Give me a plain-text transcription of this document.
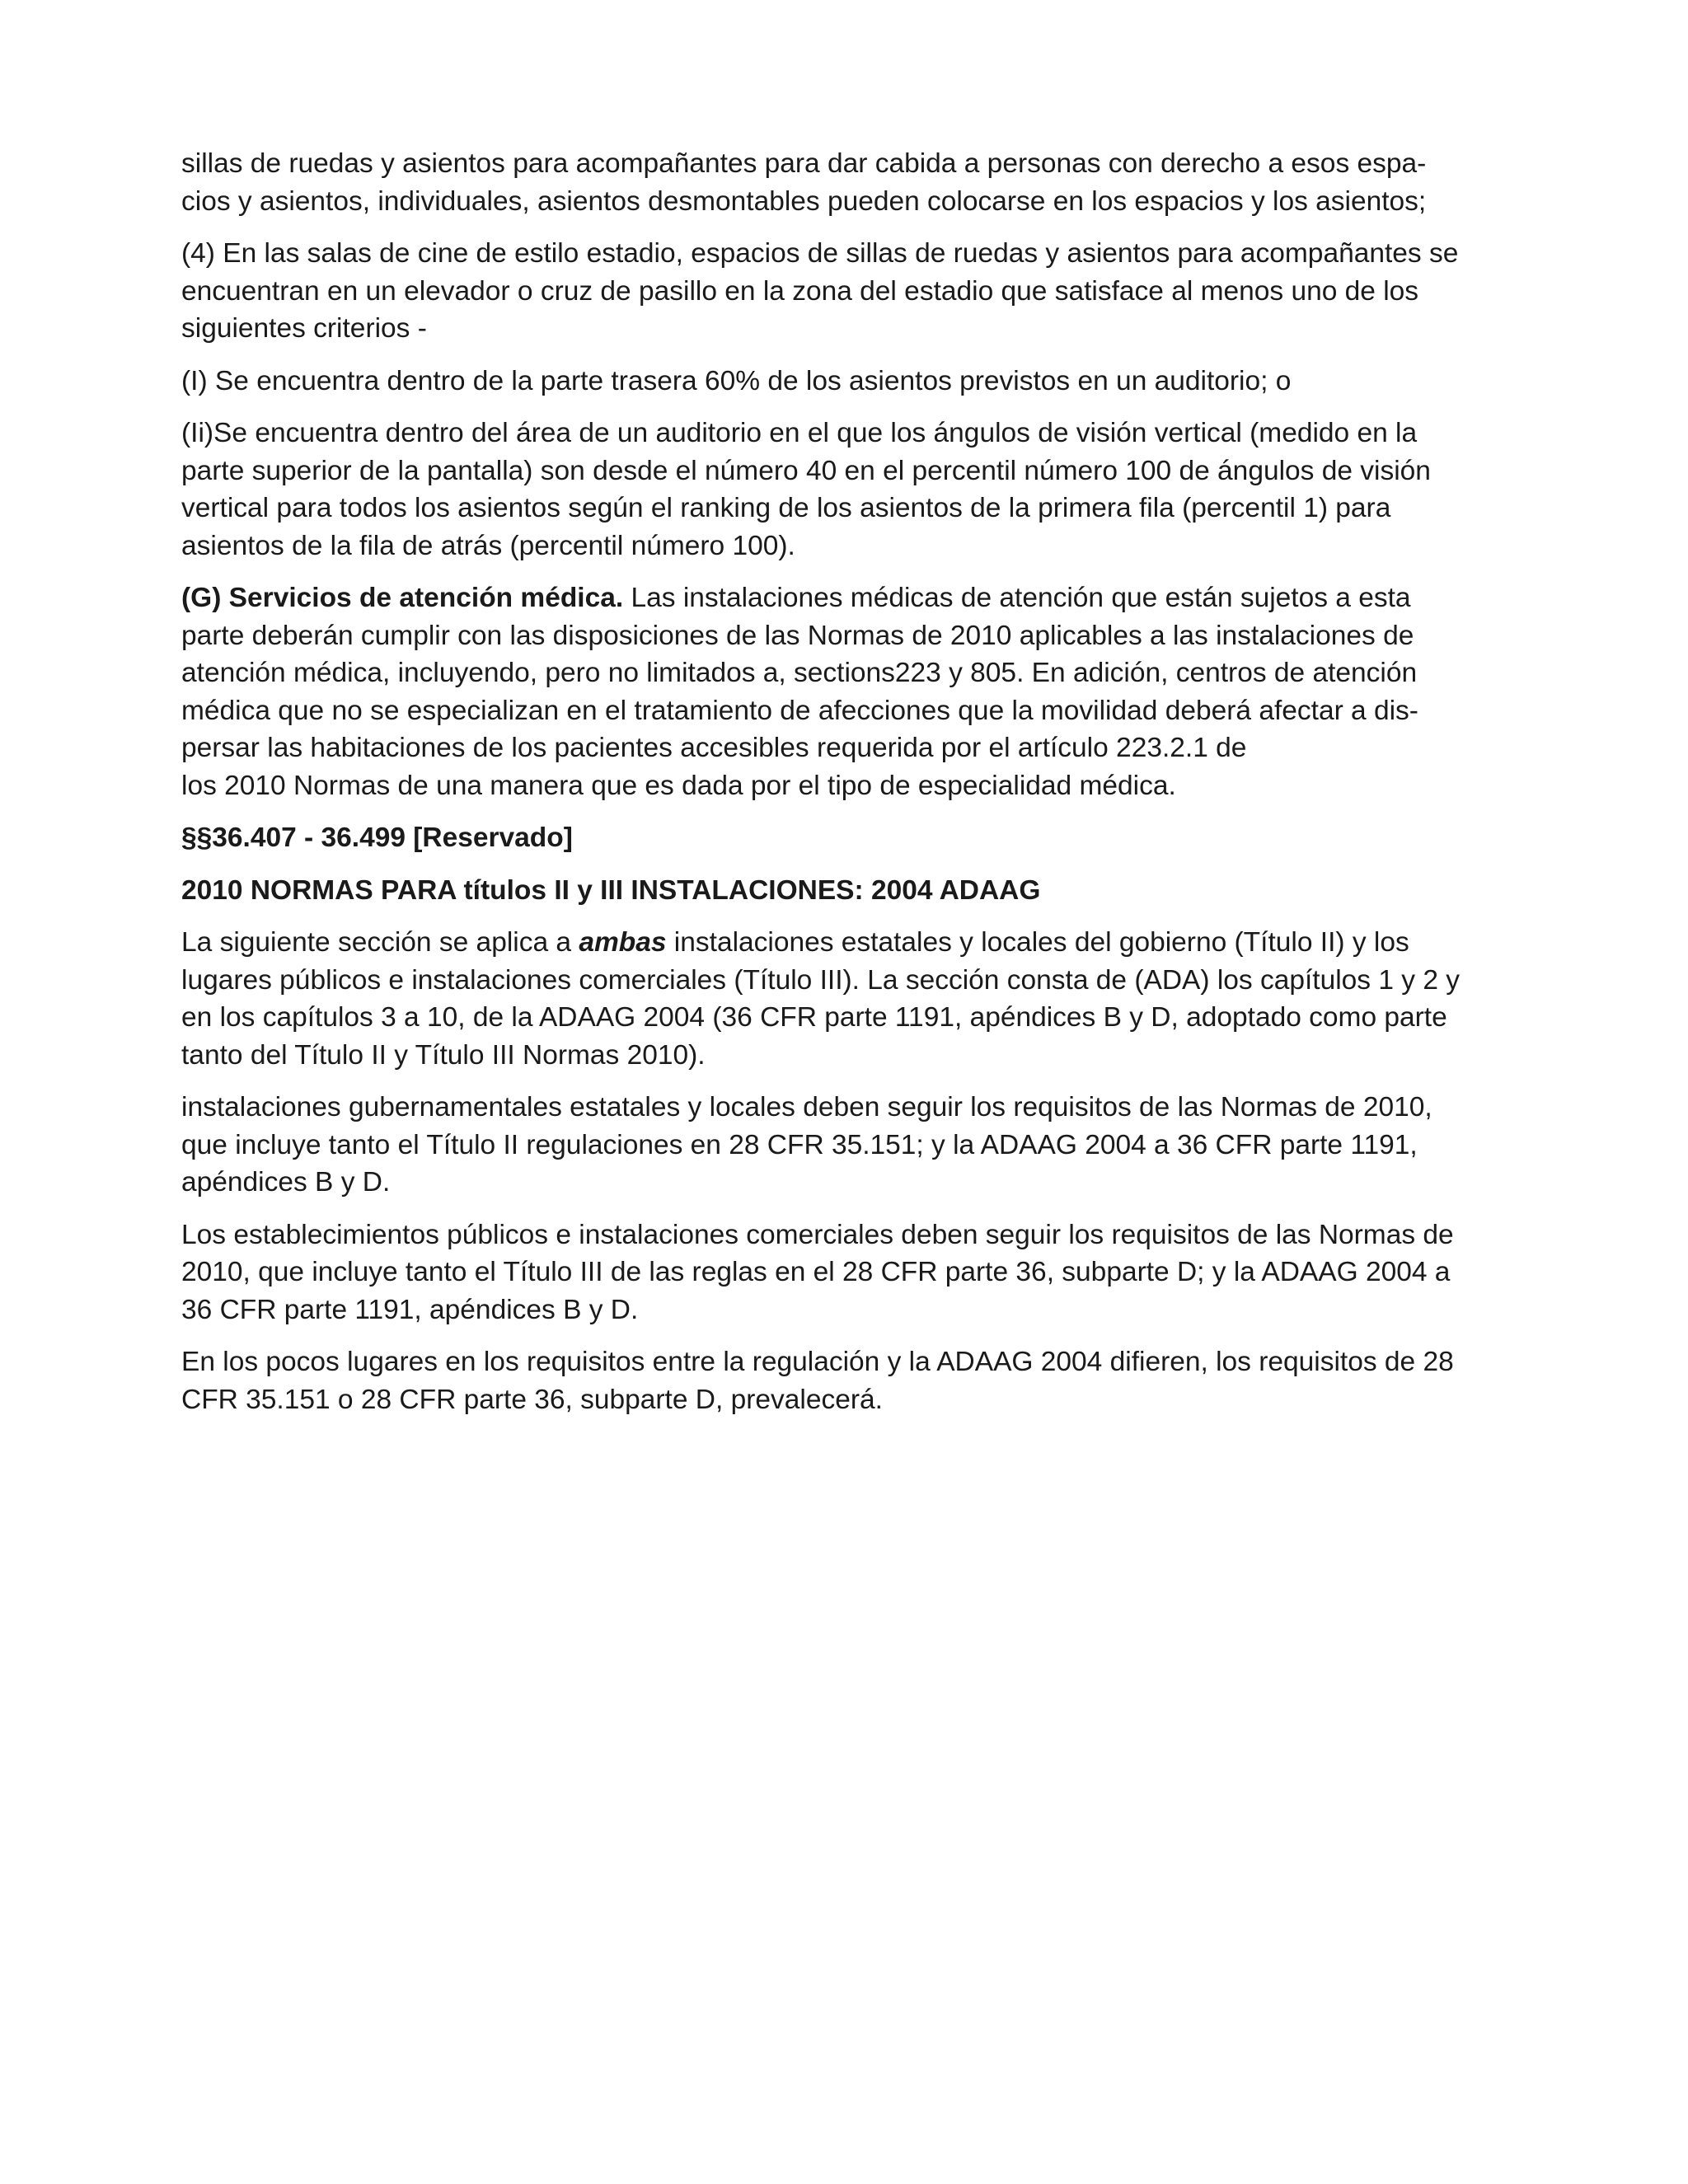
sillas de ruedas y asientos para acompañantes para dar cabida a personas con derecho a esos espa-
cios y asientos, individuales, asientos desmontables pueden colocarse en los espacios y los asientos;

(4) En las salas de cine de estilo estadio, espacios de sillas de ruedas y asientos para acompañantes se
encuentran en un elevador o cruz de pasillo en la zona del estadio que satisface al menos uno de los
siguientes criterios -

(I) Se encuentra dentro de la parte trasera 60% de los asientos previstos en un auditorio; o

(Ii)Se encuentra dentro del área de un auditorio en el que los ángulos de visión vertical (medido en la
parte superior de la pantalla) son desde el número 40 en el percentil número 100 de ángulos de visión
vertical para todos los asientos según el ranking de los asientos de la primera fila (percentil 1) para
asientos de la fila de atrás (percentil número 100).

(G) Servicios de atención médica. Las instalaciones médicas de atención que están sujetos a esta
parte deberán cumplir con las disposiciones de las Normas de 2010 aplicables a las instalaciones de
atención médica, incluyendo, pero no limitados a, sections223 y 805. En adición, centros de atención
médica que no se especializan en el tratamiento de afecciones que la movilidad deberá afectar a dis-
persar las habitaciones de los pacientes accesibles requerida por el artículo 223.2.1 de
los 2010 Normas de una manera que es dada por el tipo de especialidad médica.

§§36.407 - 36.499 [Reservado]

2010 NORMAS PARA títulos II y III INSTALACIONES: 2004 ADAAG

La siguiente sección se aplica a ambas instalaciones estatales y locales del gobierno (Título II) y los
lugares públicos e instalaciones comerciales (Título III). La sección consta de (ADA) los capítulos 1 y 2 y
en los capítulos 3 a 10, de la ADAAG 2004 (36 CFR parte 1191, apéndices B y D, adoptado como parte
tanto del Título II y Título III Normas 2010).

instalaciones gubernamentales estatales y locales deben seguir los requisitos de las Normas de 2010,
que incluye tanto el Título II regulaciones en 28 CFR 35.151; y la ADAAG 2004 a 36 CFR parte 1191,
apéndices B y D.

Los establecimientos públicos e instalaciones comerciales deben seguir los requisitos de las Normas de
2010, que incluye tanto el Título III de las reglas en el 28 CFR parte 36, subparte D; y la ADAAG 2004 a
36 CFR parte 1191, apéndices B y D.

En los pocos lugares en los requisitos entre la regulación y la ADAAG 2004 difieren, los requisitos de 28
CFR 35.151 o 28 CFR parte 36, subparte D, prevalecerá.
